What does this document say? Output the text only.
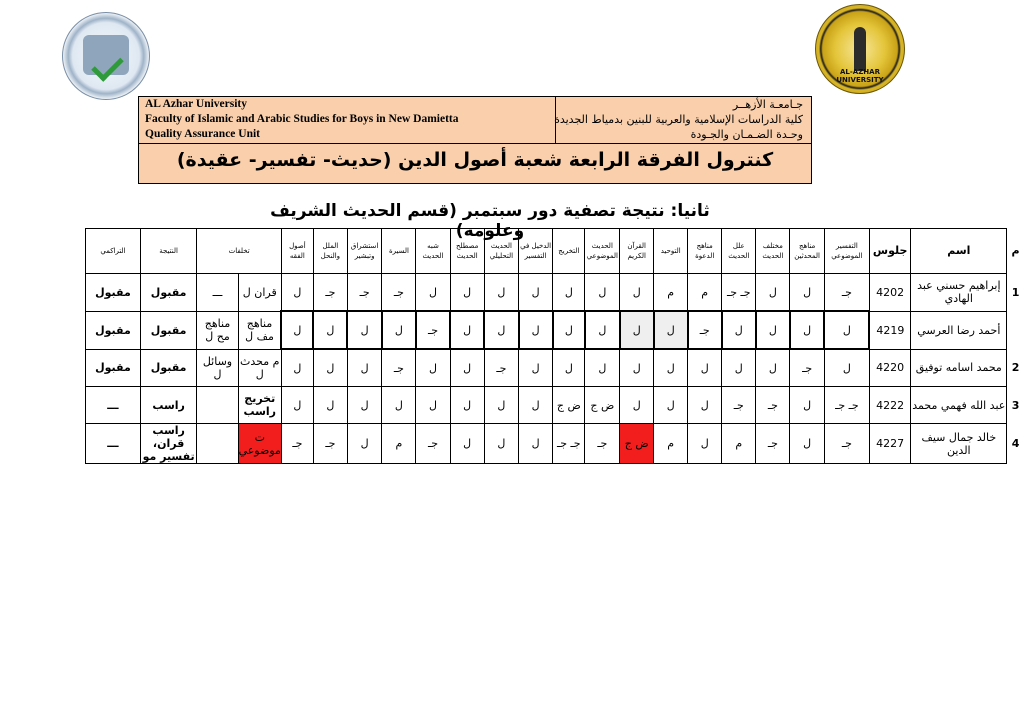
AL-AZHAR UNIVERSITY
AL Azhar University
Faculty of Islamic and Arabic Studies for Boys in New Damietta
Quality Assurance Unit
جـامعـة الأزهــر
كلية الدراسات الإسلامية والعربية للبنين بدمياط الجديدة
وحـدة الضـمـان والجـودة
كنترول الفرقة الرابعة شعبة أصول الدين (حديث- تفسير- عقيدة)
ثانيا: نتيجة تصفية دور سبتمبر (قسم الحديث الشريف وعلومه)
م	اسم	جلوس	التفسير الموضوعي	مناهج المحدثين	مختلف الحديث	علل الحديث	مناهج الدعوة	التوحيد	القرآن الكريم	الحديث الموضوعي	التخريج	الدخيل في التفسير	الحديث التحليلي	مصطلح الحديث	شبه الحديث	السيرة	استشراق وتبشير	الملل والنحل	أصول الفقه	تخلفات		النتيجة	التراكمي
1	إبراهيم حسني عبد الهادي	4202	جـ	ل	ل	جـ جـ	م	م	ل	ل	ل	ل	ل	ل	ل	جـ	جـ	جـ	ل	قران ل	ـــ	مقبول	مقبول
	أحمد رضا العرسي	4219	ل	ل	ل	ل	جـ	ل	ل	ل	ل	ل	ل	ل	جـ	ل	ل	ل	ل	مناهج مف ل	مناهج مح ل	مقبول	مقبول
2	محمد اسامه توفيق	4220	ل	جـ	ل	ل	ل	ل	ل	ل	ل	ل	جـ	ل	ل	جـ	ل	ل	ل	م محدث ل	وسائل ل	مقبول	مقبول
3	عبد الله فهمي محمد	4222	جـ جـ	ل	جـ	جـ	ل	ل	ل	ض ج	ض ج	ل	ل	ل	ل	ل	ل	ل	ل	تخريج راسب		راسب	ـــ
4	خالد جمال سيف الدين	4227	جـ	ل	جـ	م	ل	م	ض ج	جـ	جـ جـ	ل	ل	ل	جـ	م	ل	جـ	جـ	ت موضوعي		راسب قران، تفسير مو	ـــ
